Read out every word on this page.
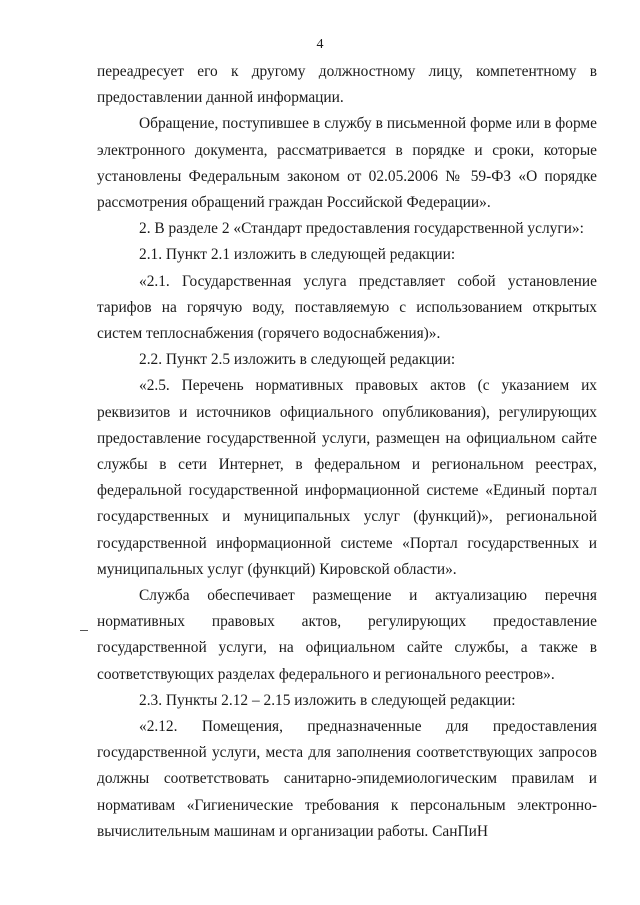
4

переадресует его к другому должностному лицу, компетентному в предоставлении данной информации.

Обращение, поступившее в службу в письменной форме или в форме электронного документа, рассматривается в порядке и сроки, которые установлены Федеральным законом от 02.05.2006 № 59-ФЗ «О порядке рассмотрения обращений граждан Российской Федерации».

2. В разделе 2 «Стандарт предоставления государственной услуги»:

2.1. Пункт 2.1 изложить в следующей редакции:

«2.1. Государственная услуга представляет собой установление тарифов на горячую воду, поставляемую с использованием открытых систем теплоснабжения (горячего водоснабжения)».

2.2. Пункт 2.5 изложить в следующей редакции:

«2.5. Перечень нормативных правовых актов (с указанием их реквизитов и источников официального опубликования), регулирующих предоставление государственной услуги, размещен на официальном сайте службы в сети Интернет, в федеральном и региональном реестрах, федеральной государственной информационной системе «Единый портал государственных и муниципальных услуг (функций)», региональной государственной информационной системе «Портал государственных и муниципальных услуг (функций) Кировской области».

Служба обеспечивает размещение и актуализацию перечня нормативных правовых актов, регулирующих предоставление государственной услуги, на официальном сайте службы, а также в соответствующих разделах федерального и регионального реестров».

2.3. Пункты 2.12 – 2.15 изложить в следующей редакции:

«2.12. Помещения, предназначенные для предоставления государственной услуги, места для заполнения соответствующих запросов должны соответствовать санитарно-эпидемиологическим правилам и нормативам «Гигиенические требования к персональным электронно-вычислительным машинам и организации работы. СанПиН
